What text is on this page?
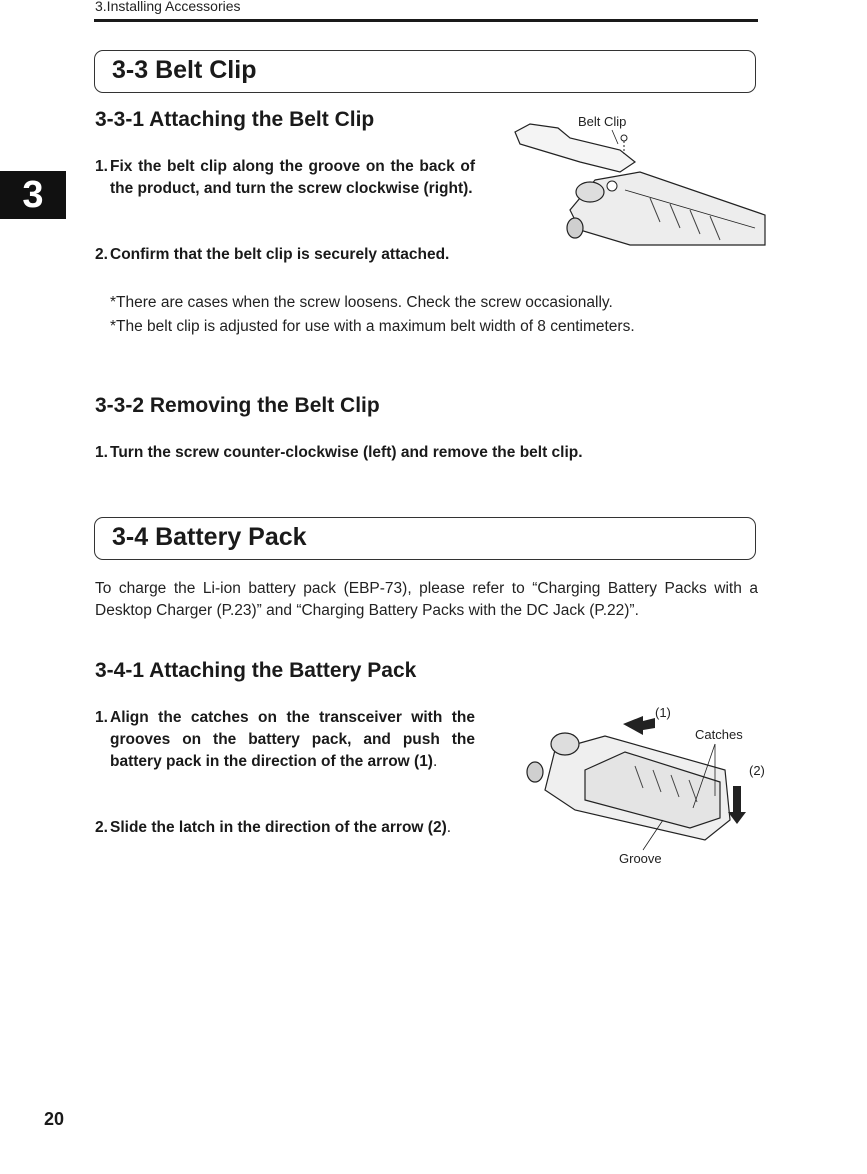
3.Installing Accessories
3
3-3 Belt Clip
3-3-1 Attaching the Belt Clip
1. Fix the belt clip along the groove on the back of the product, and turn the screw clockwise (right).
2. Confirm that the belt clip is securely attached.
*There are cases when the screw loosens. Check the screw occasionally.
*The belt clip is adjusted for use with a maximum belt width of 8 centimeters.
Belt Clip
3-3-2 Removing the Belt Clip
1. Turn the screw counter-clockwise (left) and remove the belt clip.
3-4 Battery Pack
To charge the Li-ion battery pack (EBP-73), please refer to “Charging Battery Packs with a Desktop Charger (P.23)” and “Charging Battery Packs with the DC Jack (P.22)”.
3-4-1 Attaching the Battery Pack
1. Align the catches on the transceiver with the grooves on the battery pack, and push the battery pack in the direction of the arrow (1).
2. Slide the latch in the direction of the arrow (2).
(1)
Catches
(2)
Groove
20
